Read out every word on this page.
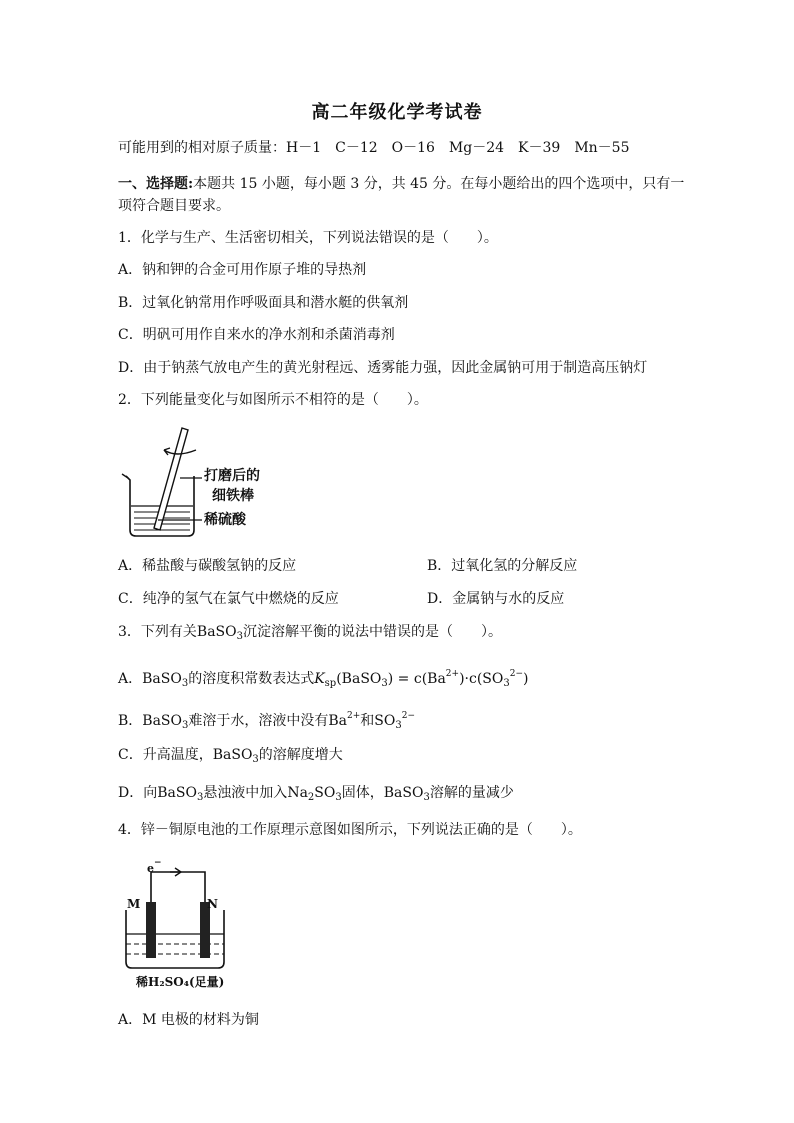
高二年级化学考试卷
可能用到的相对原子质量：H－1　C－12　O－16　Mg－24　K－39　Mn－55
一、选择题:本题共 15 小题，每小题 3 分，共 45 分。在每小题给出的四个选项中，只有一
项符合题目要求。
1．化学与生产、生活密切相关，下列说法错误的是（　　）。
A．钠和钾的合金可用作原子堆的导热剂
B．过氧化钠常用作呼吸面具和潜水艇的供氧剂
C．明矾可用作自来水的净水剂和杀菌消毒剂
D．由于钠蒸气放电产生的黄光射程远、透雾能力强，因此金属钠可用于制造高压钠灯
2．下列能量变化与如图所示不相符的是（　　）。
打磨后的
细铁棒
稀硫酸
A．稀盐酸与碳酸氢钠的反应	B．过氧化氢的分解反应
C．纯净的氢气在氯气中燃烧的反应	D．金属钠与水的反应
3．下列有关BaSO$_3$沉淀溶解平衡的说法中错误的是（　　）。
A．BaSO$_3$的溶度积常数表达式$K_{sp}(BaSO_3) = c(Ba^{2+})\cdot c(SO_3^{2-})$
B．BaSO$_3$难溶于水，溶液中没有$Ba^{2+}$和$SO_3^{2-}$
C．升高温度，BaSO$_3$的溶解度增大
D．向BaSO$_3$悬浊液中加入$Na_2SO_3$固体，BaSO$_3$溶解的量减少
4．锌－铜原电池的工作原理示意图如图所示，下列说法正确的是（　　）。
e−
M	N
稀H₂SO₄(足量)
A．M 电极的材料为铜
